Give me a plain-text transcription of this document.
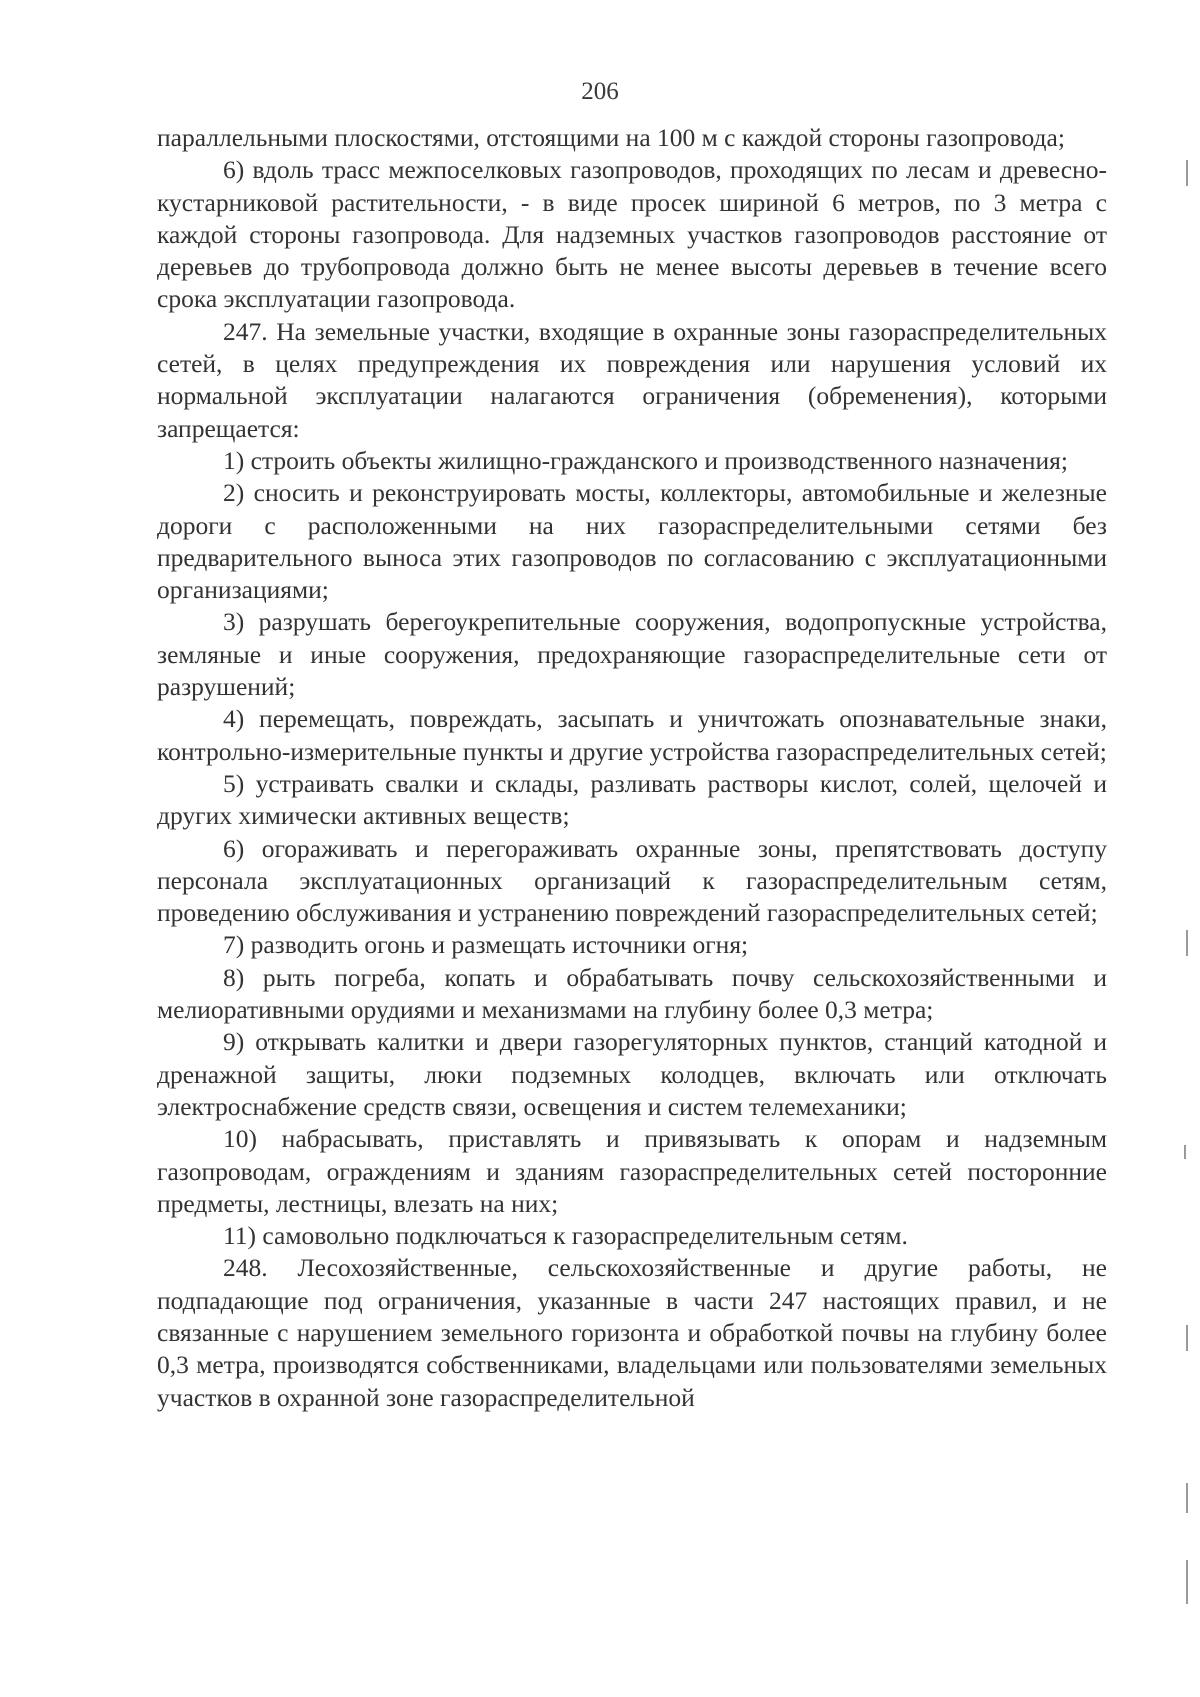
206

параллельными плоскостями, отстоящими на 100 м с каждой стороны газопровода;

6) вдоль трасс межпоселковых газопроводов, проходящих по лесам и древесно-кустарниковой растительности, - в виде просек шириной 6 метров, по 3 метра с каждой стороны газопровода. Для надземных участков газопроводов расстояние от деревьев до трубопровода должно быть не менее высоты деревьев в течение всего срока эксплуатации газопровода.

247. На земельные участки, входящие в охранные зоны газораспределительных сетей, в целях предупреждения их повреждения или нарушения условий их нормальной эксплуатации налагаются ограничения (обременения), которыми запрещается:

1) строить объекты жилищно-гражданского и производственного назначения;

2) сносить и реконструировать мосты, коллекторы, автомобильные и железные дороги с расположенными на них газораспределительными сетями без предварительного выноса этих газопроводов по согласованию с эксплуатационными организациями;

3) разрушать берегоукрепительные сооружения, водопропускные устройства, земляные и иные сооружения, предохраняющие газораспределительные сети от разрушений;

4) перемещать, повреждать, засыпать и уничтожать опознавательные знаки, контрольно-измерительные пункты и другие устройства газораспределительных сетей;

5) устраивать свалки и склады, разливать растворы кислот, солей, щелочей и других химически активных веществ;

6) огораживать и перегораживать охранные зоны, препятствовать доступу персонала эксплуатационных организаций к газораспределительным сетям, проведению обслуживания и устранению повреждений газораспределительных сетей;

7) разводить огонь и размещать источники огня;

8) рыть погреба, копать и обрабатывать почву сельскохозяйственными и мелиоративными орудиями и механизмами на глубину более 0,3 метра;

9) открывать калитки и двери газорегуляторных пунктов, станций катодной и дренажной защиты, люки подземных колодцев, включать или отключать электроснабжение средств связи, освещения и систем телемеханики;

10) набрасывать, приставлять и привязывать к опорам и надземным газопроводам, ограждениям и зданиям газораспределительных сетей посторонние предметы, лестницы, влезать на них;

11) самовольно подключаться к газораспределительным сетям.

248. Лесохозяйственные, сельскохозяйственные и другие работы, не подпадающие под ограничения, указанные в части 247 настоящих правил, и не связанные с нарушением земельного горизонта и обработкой почвы на глубину более 0,3 метра, производятся собственниками, владельцами или пользователями земельных участков в охранной зоне газораспределительной
